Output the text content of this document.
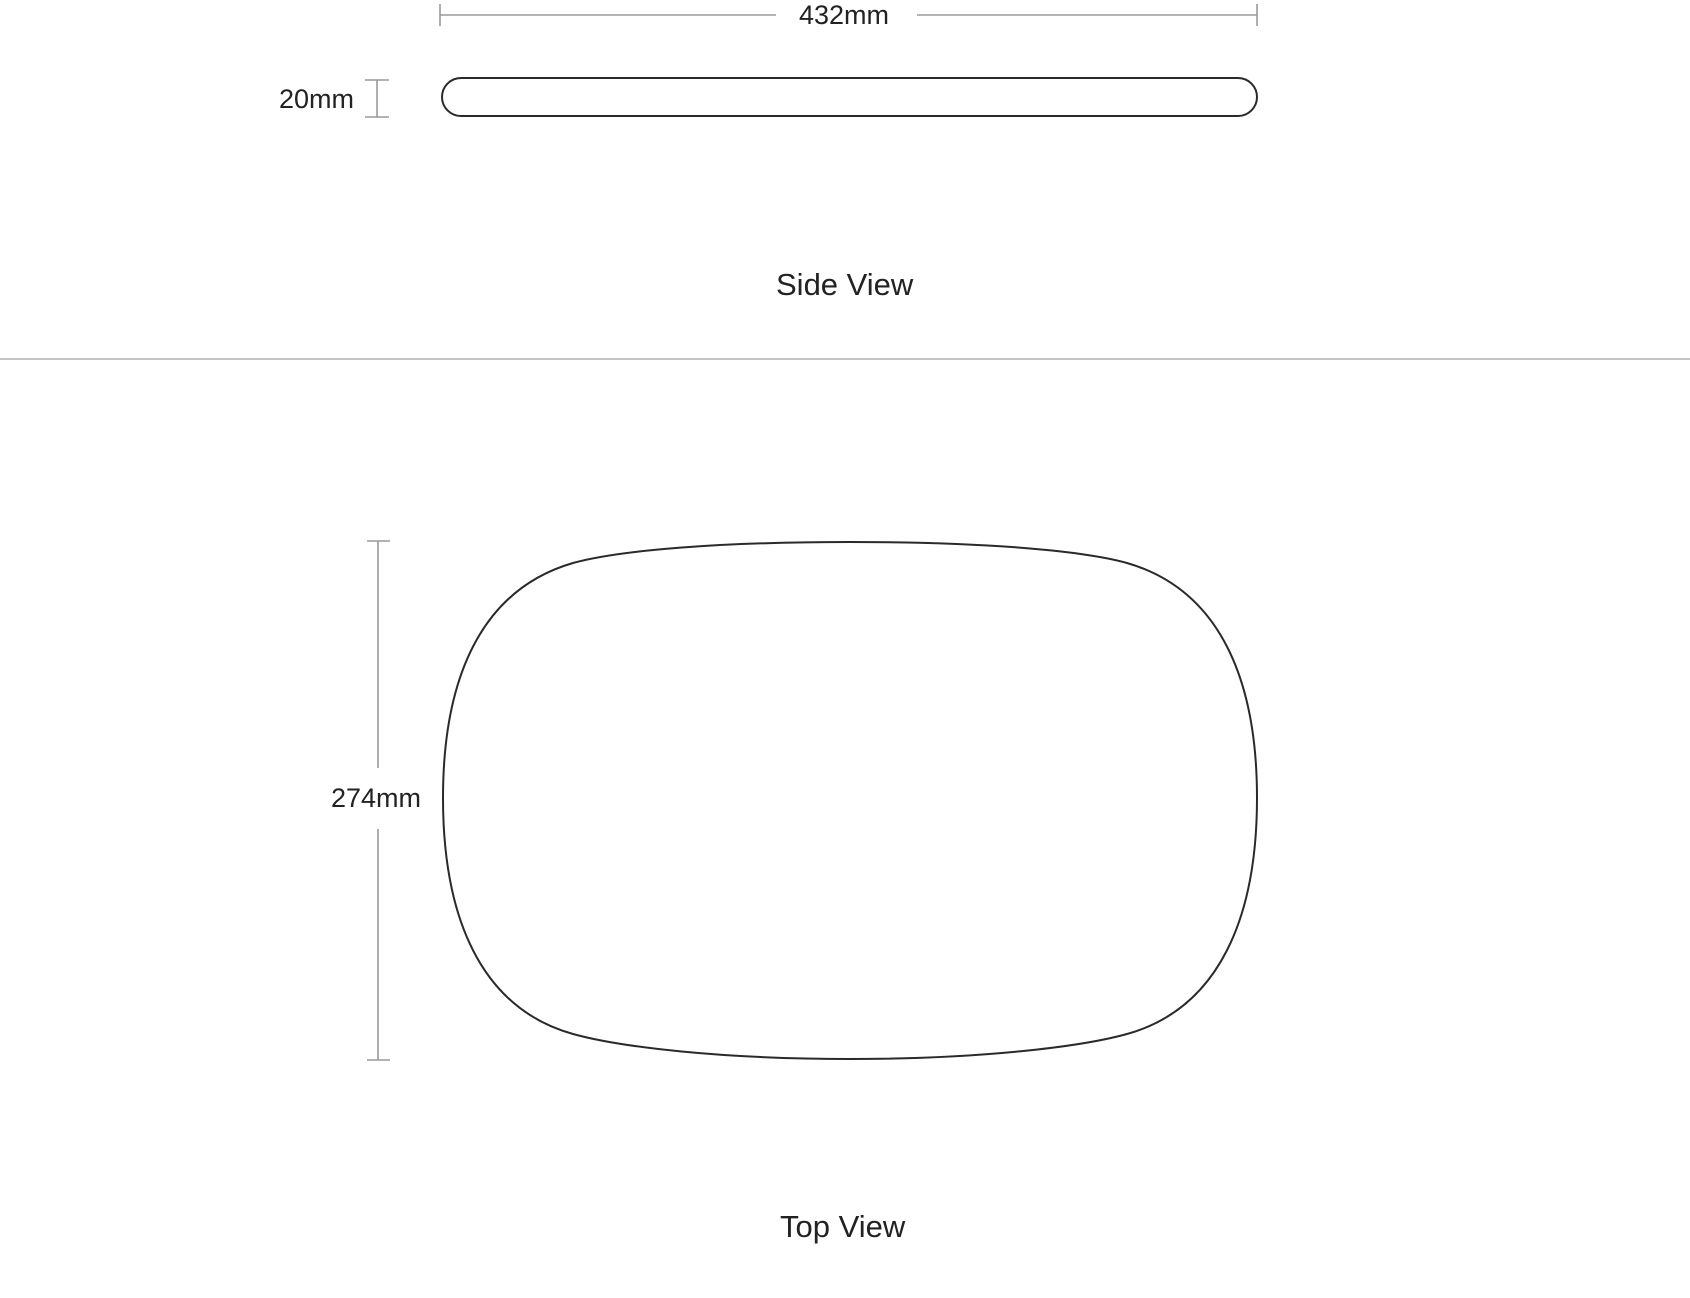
432mm
20mm
Side View
274mm
Top View
